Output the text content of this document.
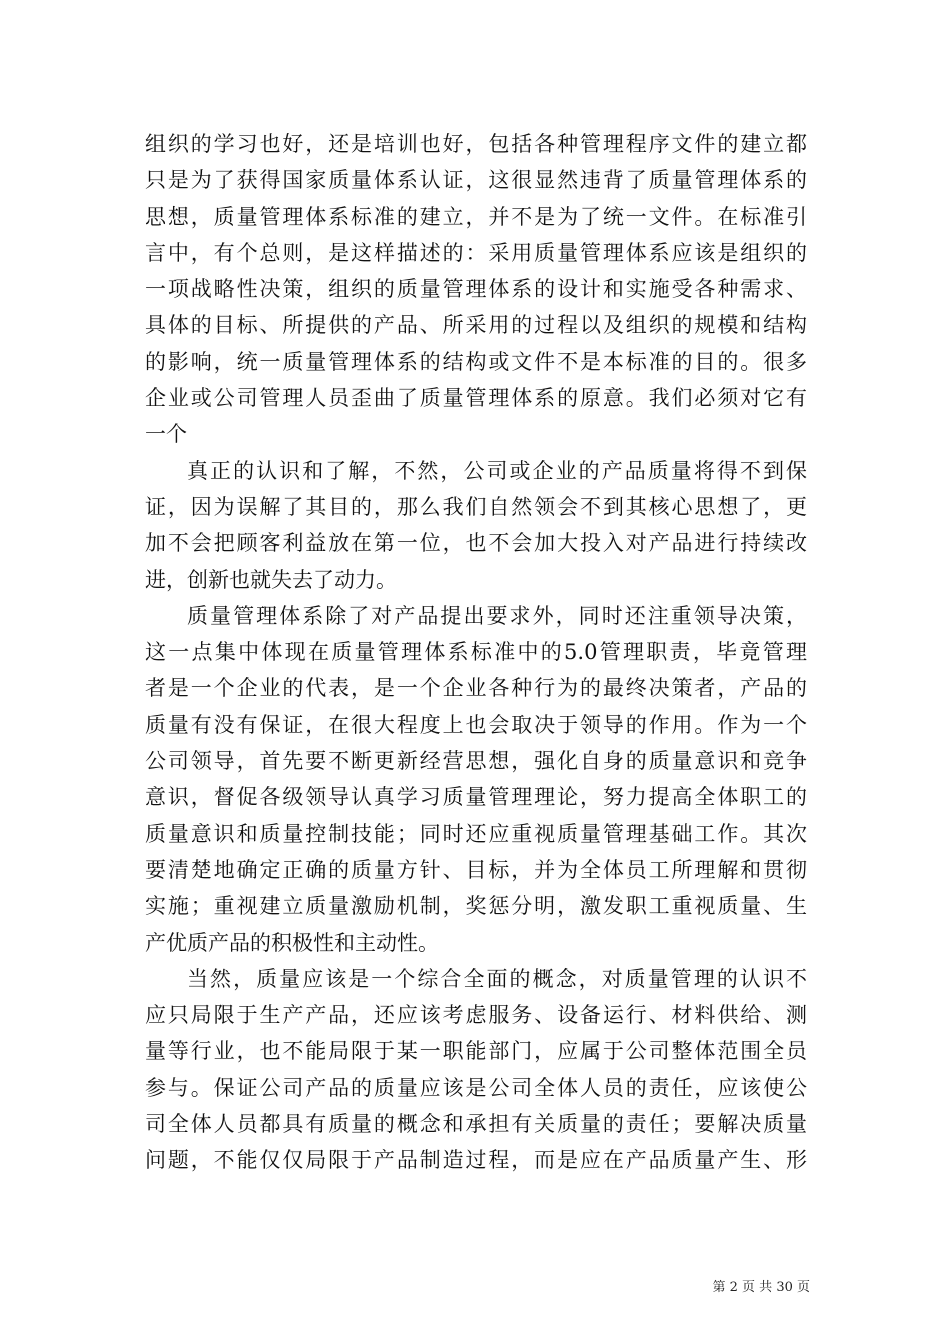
组织的学习也好，还是培训也好，包括各种管理程序文件的建立都
只是为了获得国家质量体系认证，这很显然违背了质量管理体系的
思想，质量管理体系标准的建立，并不是为了统一文件。在标准引
言中，有个总则，是这样描述的：采用质量管理体系应该是组织的
一项战略性决策，组织的质量管理体系的设计和实施受各种需求、
具体的目标、所提供的产品、所采用的过程以及组织的规模和结构
的影响，统一质量管理体系的结构或文件不是本标准的目的。很多
企业或公司管理人员歪曲了质量管理体系的原意。我们必须对它有
一个
真正的认识和了解，不然，公司或企业的产品质量将得不到保
证，因为误解了其目的，那么我们自然领会不到其核心思想了，更
加不会把顾客利益放在第一位，也不会加大投入对产品进行持续改
进，创新也就失去了动力。
质量管理体系除了对产品提出要求外，同时还注重领导决策，
这一点集中体现在质量管理体系标准中的5.0管理职责，毕竟管理
者是一个企业的代表，是一个企业各种行为的最终决策者，产品的
质量有没有保证，在很大程度上也会取决于领导的作用。作为一个
公司领导，首先要不断更新经营思想，强化自身的质量意识和竞争
意识，督促各级领导认真学习质量管理理论，努力提高全体职工的
质量意识和质量控制技能；同时还应重视质量管理基础工作。其次
要清楚地确定正确的质量方针、目标，并为全体员工所理解和贯彻
实施；重视建立质量激励机制，奖惩分明，激发职工重视质量、生
产优质产品的积极性和主动性。
当然，质量应该是一个综合全面的概念，对质量管理的认识不
应只局限于生产产品，还应该考虑服务、设备运行、材料供给、测
量等行业，也不能局限于某一职能部门，应属于公司整体范围全员
参与。保证公司产品的质量应该是公司全体人员的责任，应该使公
司全体人员都具有质量的概念和承担有关质量的责任；要解决质量
问题，不能仅仅局限于产品制造过程，而是应在产品质量产生、形
第 2 页 共 30 页
